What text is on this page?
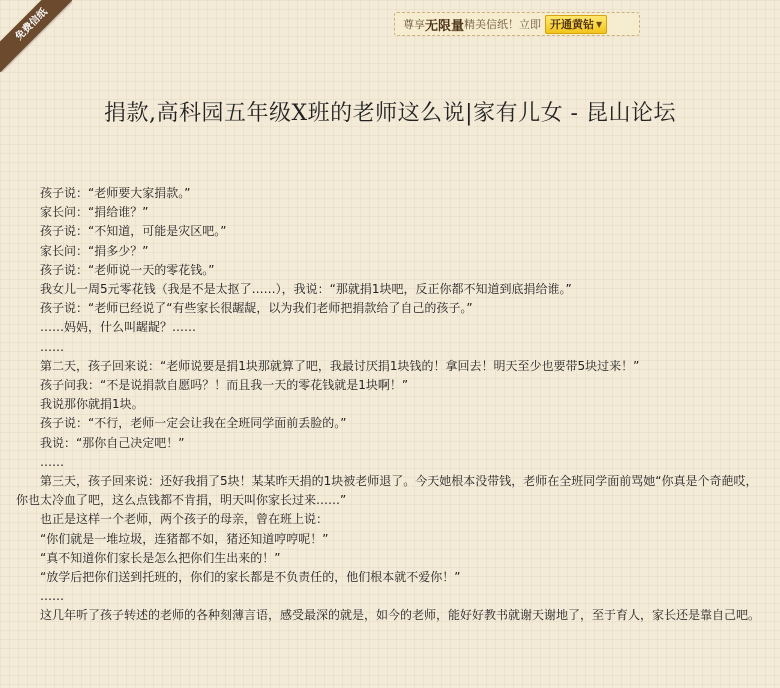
免费信纸	尊享 无限量 精美信纸！立即 开通黄钻 ▼
捐款,高科园五年级X班的老师这么说|家有儿女 - 昆山论坛

孩子说：“老师要大家捐款。”

家长问：“捐给谁？”

孩子说：“不知道，可能是灾区吧。”

家长问：“捐多少？”

孩子说：“老师说一天的零花钱。”

我女儿一周5元零花钱（我是不是太抠了……），我说：“那就捐1块吧，反正你都不知道到底捐给谁。”

孩子说：“老师已经说了“有些家长很龌龊，以为我们老师把捐款给了自己的孩子。”

……妈妈，什么叫龌龊？……

……

第二天，孩子回来说：“老师说要是捐1块那就算了吧，我最讨厌捐1块钱的！拿回去！明天至少也要带5块过来！”

孩子问我：“不是说捐款自愿吗？！而且我一天的零花钱就是1块啊！”

我说那你就捐1块。

孩子说：“不行，老师一定会让我在全班同学面前丢脸的。”

我说：“那你自己决定吧！”

……

第三天，孩子回来说：还好我捐了5块！某某昨天捐的1块被老师退了。今天她根本没带钱，老师在全班同学面前骂她“你真是个奇葩哎，你也太冷血了吧，这么点钱都不肯捐，明天叫你家长过来……”

也正是这样一个老师，两个孩子的母亲，曾在班上说：

“你们就是一堆垃圾，连猪都不如，猪还知道哼哼呢！”

“真不知道你们家长是怎么把你们生出来的！”

“放学后把你们送到托班的，你们的家长都是不负责任的，他们根本就不爱你！”

……

这几年听了孩子转述的老师的各种刻薄言语，感受最深的就是，如今的老师，能好好教书就谢天谢地了，至于育人，家长还是靠自己吧。
